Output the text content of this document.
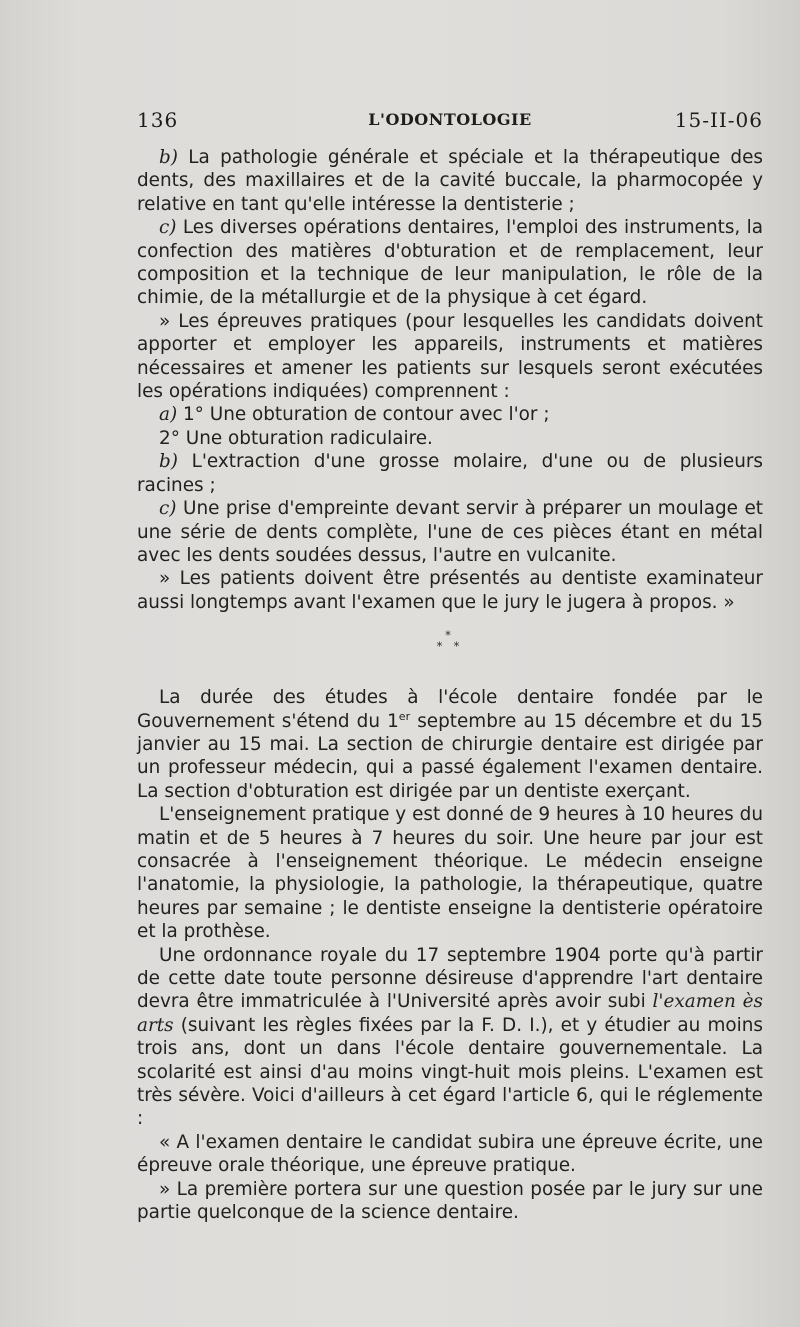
136	L'ODONTOLOGIE	15-II-06

b) La pathologie générale et spéciale et la thérapeutique des dents, des maxillaires et de la cavité buccale, la pharmocopée y relative en tant qu'elle intéresse la dentisterie ;

c) Les diverses opérations dentaires, l'emploi des instruments, la confection des matières d'obturation et de remplacement, leur composition et la technique de leur manipulation, le rôle de la chimie, de la métallurgie et de la physique à cet égard.

» Les épreuves pratiques (pour lesquelles les candidats doivent apporter et employer les appareils, instruments et matières nécessaires et amener les patients sur lesquels seront exécutées les opérations indiquées) comprennent :

a) 1° Une obturation de contour avec l'or ;

2° Une obturation radiculaire.

b) L'extraction d'une grosse molaire, d'une ou de plusieurs racines ;

c) Une prise d'empreinte devant servir à préparer un moulage et une série de dents complète, l'une de ces pièces étant en métal avec les dents soudées dessus, l'autre en vulcanite.

» Les patients doivent être présentés au dentiste examinateur aussi longtemps avant l'examen que le jury le jugera à propos. »

*
* *

La durée des études à l'école dentaire fondée par le Gouvernement s'étend du 1er septembre au 15 décembre et du 15 janvier au 15 mai. La section de chirurgie dentaire est dirigée par un professeur médecin, qui a passé également l'examen dentaire. La section d'obturation est dirigée par un dentiste exerçant.

L'enseignement pratique y est donné de 9 heures à 10 heures du matin et de 5 heures à 7 heures du soir. Une heure par jour est consacrée à l'enseignement théorique. Le médecin enseigne l'anatomie, la physiologie, la pathologie, la thérapeutique, quatre heures par semaine ; le dentiste enseigne la dentisterie opératoire et la prothèse.

Une ordonnance royale du 17 septembre 1904 porte qu'à partir de cette date toute personne désireuse d'apprendre l'art dentaire devra être immatriculée à l'Université après avoir subi l'examen ès arts (suivant les règles fixées par la F. D. I.), et y étudier au moins trois ans, dont un dans l'école dentaire gouvernementale. La scolarité est ainsi d'au moins vingt-huit mois pleins. L'examen est très sévère. Voici d'ailleurs à cet égard l'article 6, qui le réglemente :

« A l'examen dentaire le candidat subira une épreuve écrite, une épreuve orale théorique, une épreuve pratique.

» La première portera sur une question posée par le jury sur une partie quelconque de la science dentaire.
